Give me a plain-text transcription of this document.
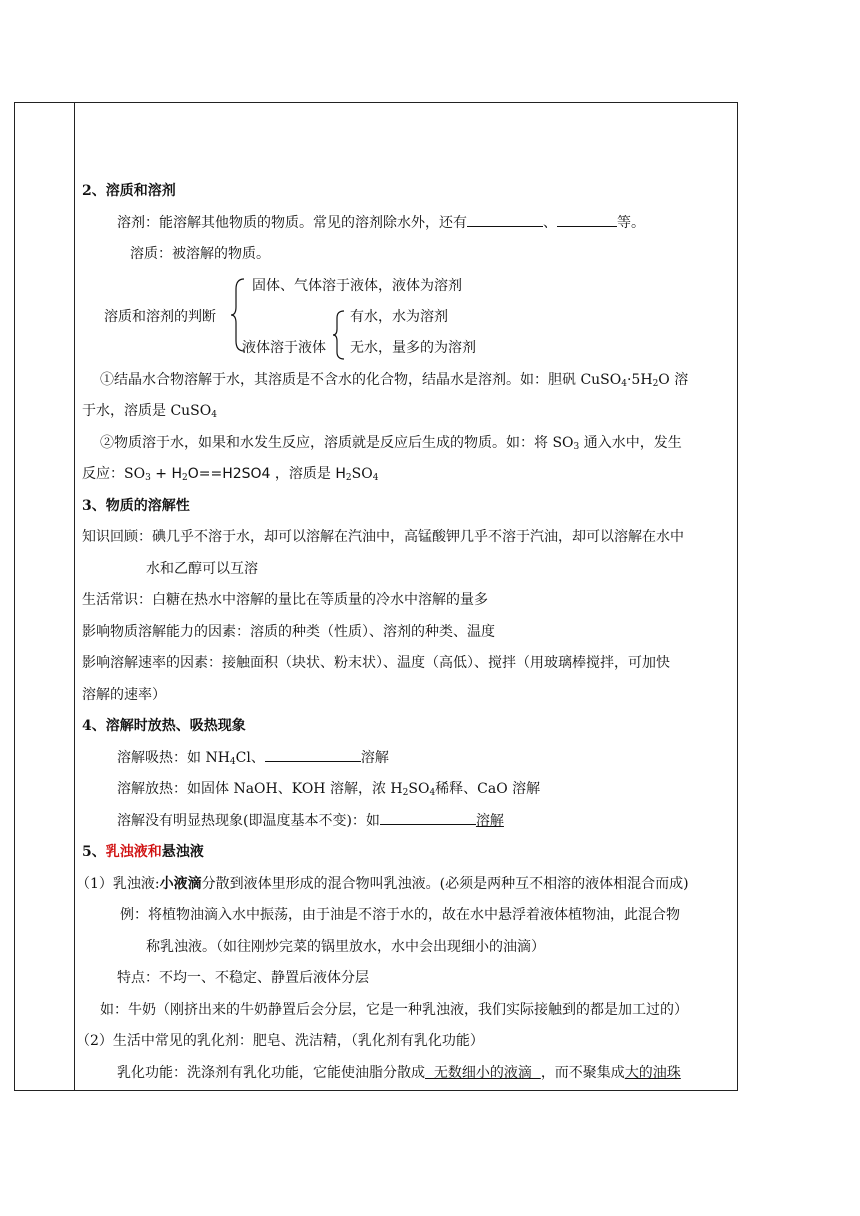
2、溶质和溶剂
溶剂：能溶解其他物质的物质。常见的溶剂除水外，还有	、	等。
溶质：被溶解的物质。
溶质和溶剂的判断
固体、气体溶于液体，液体为溶剂
液体溶于液体
有水，水为溶剂
无水，量多的为溶剂
①结晶水合物溶解于水，其溶质是不含水的化合物，结晶水是溶剂。如：胆矾 $CuSO_4\cdot 5H_2O$ 溶
于水，溶质是 CuSO$_4$
②物质溶于水，如果和水发生反应，溶质就是反应后生成的物质。如：将 $SO_3$ 通入水中，发生
反应：$SO_3 + H_2O==H2SO4$ ，溶质是 $H_2SO_4$
3、物质的溶解性
知识回顾：碘几乎不溶于水，却可以溶解在汽油中，高锰酸钾几乎不溶于汽油，却可以溶解在水中
水和乙醇可以互溶
生活常识：白糖在热水中溶解的量比在等质量的冷水中溶解的量多
影响物质溶解能力的因素：溶质的种类（性质）、溶剂的种类、温度
影响溶解速率的因素：接触面积（块状、粉末状）、温度（高低）、搅拌（用玻璃棒搅拌，可加快
溶解的速率）
4、溶解时放热、吸热现象
溶解吸热：如 $NH_4Cl$、	溶解
溶解放热：如固体 NaOH、KOH 溶解，浓 $H_2SO_4$稀释、CaO 溶解
溶解没有明显热现象(即温度基本不变)：如	溶解
5、乳浊液和悬浊液
（1）乳浊液:小液滴分散到液体里形成的混合物叫乳浊液。(必须是两种互不相溶的液体相混合而成)
例：将植物油滴入水中振荡，由于油是不溶于水的，故在水中悬浮着液体植物油，此混合物
称乳浊液。（如往刚炒完菜的锅里放水，水中会出现细小的油滴）
特点：不均一、不稳定、静置后液体分层
如：牛奶（刚挤出来的牛奶静置后会分层，它是一种乳浊液，我们实际接触到的都是加工过的）
（2）生活中常见的乳化剂：肥皂、洗洁精，（乳化剂有乳化功能）
乳化功能：洗涤剂有乳化功能，它能使油脂分散成  无数细小的液滴  ，而不聚集成大的油珠
